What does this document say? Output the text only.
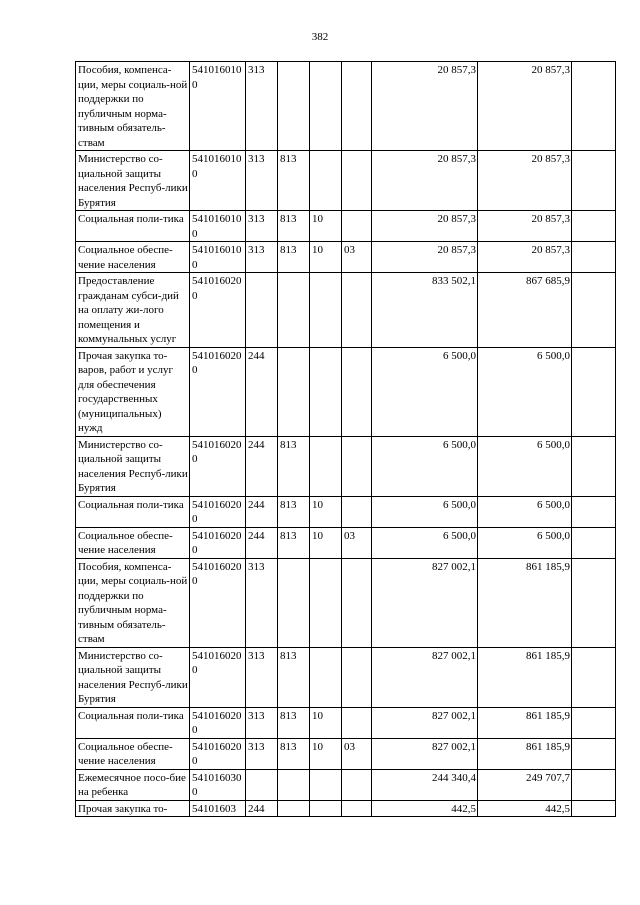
382
Пособия, компенса-ции, меры социаль-ной поддержки по публичным норма-тивным обязатель-ствам	5410160100	313				20 857,3	20 857,3	
Министерство со-циальной защиты населения Респуб-лики Бурятия	5410160100	313	813			20 857,3	20 857,3	
Социальная поли-тика	5410160100	313	813	10		20 857,3	20 857,3	
Социальное обеспе-чение населения	5410160100	313	813	10	03	20 857,3	20 857,3	
Предоставление гражданам субси-дий на оплату жи-лого помещения и коммунальных услуг	5410160200					833 502,1	867 685,9	
Прочая закупка то-варов, работ и услуг для обеспечения государственных (муниципальных) нужд	5410160200	244				6 500,0	6 500,0	
Министерство со-циальной защиты населения Респуб-лики Бурятия	5410160200	244	813			6 500,0	6 500,0	
Социальная поли-тика	5410160200	244	813	10		6 500,0	6 500,0	
Социальное обеспе-чение населения	5410160200	244	813	10	03	6 500,0	6 500,0	
Пособия, компенса-ции, меры социаль-ной поддержки по публичным норма-тивным обязатель-ствам	5410160200	313				827 002,1	861 185,9	
Министерство со-циальной защиты населения Респуб-лики Бурятия	5410160200	313	813			827 002,1	861 185,9	
Социальная поли-тика	5410160200	313	813	10		827 002,1	861 185,9	
Социальное обеспе-чение населения	5410160200	313	813	10	03	827 002,1	861 185,9	
Ежемесячное посо-бие на ребенка	5410160300					244 340,4	249 707,7	
Прочая закупка то-	54101603	244				442,5	442,5	
